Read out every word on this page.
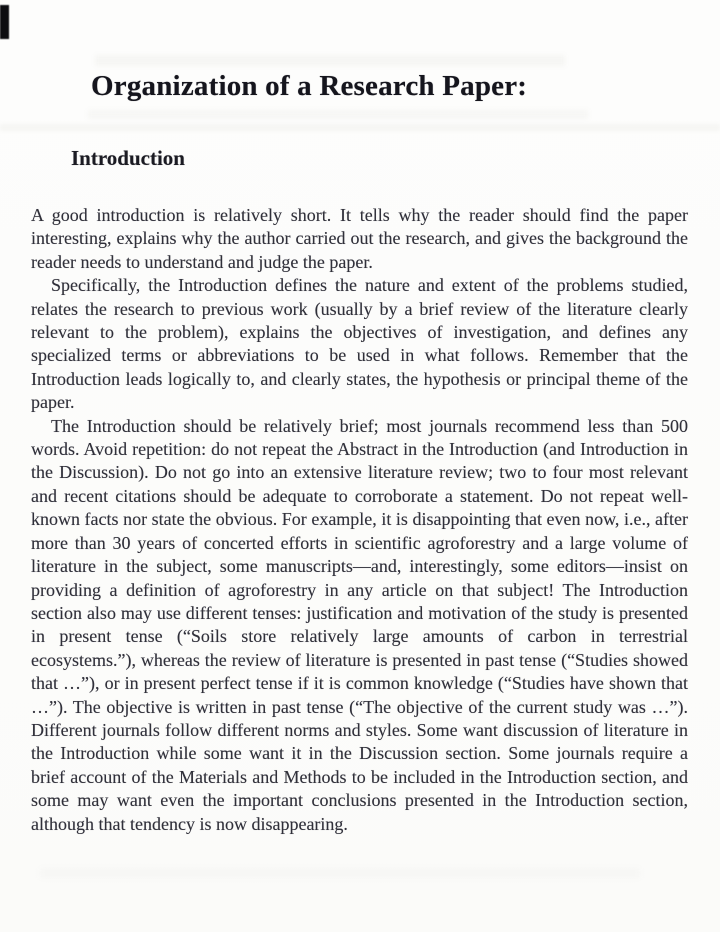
Organization of a Research Paper:
Introduction

A good introduction is relatively short. It tells why the reader should find the paper interesting, explains why the author carried out the research, and gives the background the reader needs to understand and judge the paper.

Specifically, the Introduction defines the nature and extent of the problems studied, relates the research to previous work (usually by a brief review of the literature clearly relevant to the problem), explains the objectives of investigation, and defines any specialized terms or abbreviations to be used in what follows. Remember that the Introduction leads logically to, and clearly states, the hypothesis or principal theme of the paper.

The Introduction should be relatively brief; most journals recommend less than 500 words. Avoid repetition: do not repeat the Abstract in the Introduction (and Introduction in the Discussion). Do not go into an extensive literature review; two to four most relevant and recent citations should be adequate to corroborate a statement. Do not repeat well-known facts nor state the obvious. For example, it is disappointing that even now, i.e., after more than 30 years of concerted efforts in scientific agroforestry and a large volume of literature in the subject, some manuscripts—and, interestingly, some editors—insist on providing a definition of agroforestry in any article on that subject! The Introduction section also may use different tenses: justification and motivation of the study is presented in present tense (“Soils store relatively large amounts of carbon in terrestrial ecosystems.”), whereas the review of literature is presented in past tense (“Studies showed that …”), or in present perfect tense if it is common knowledge (“Studies have shown that …”). The objective is written in past tense (“The objective of the current study was …”). Different journals follow different norms and styles. Some want discussion of literature in the Introduction while some want it in the Discussion section. Some journals require a brief account of the Materials and Methods to be included in the Introduction section, and some may want even the important conclusions presented in the Introduction section, although that tendency is now disappearing.
